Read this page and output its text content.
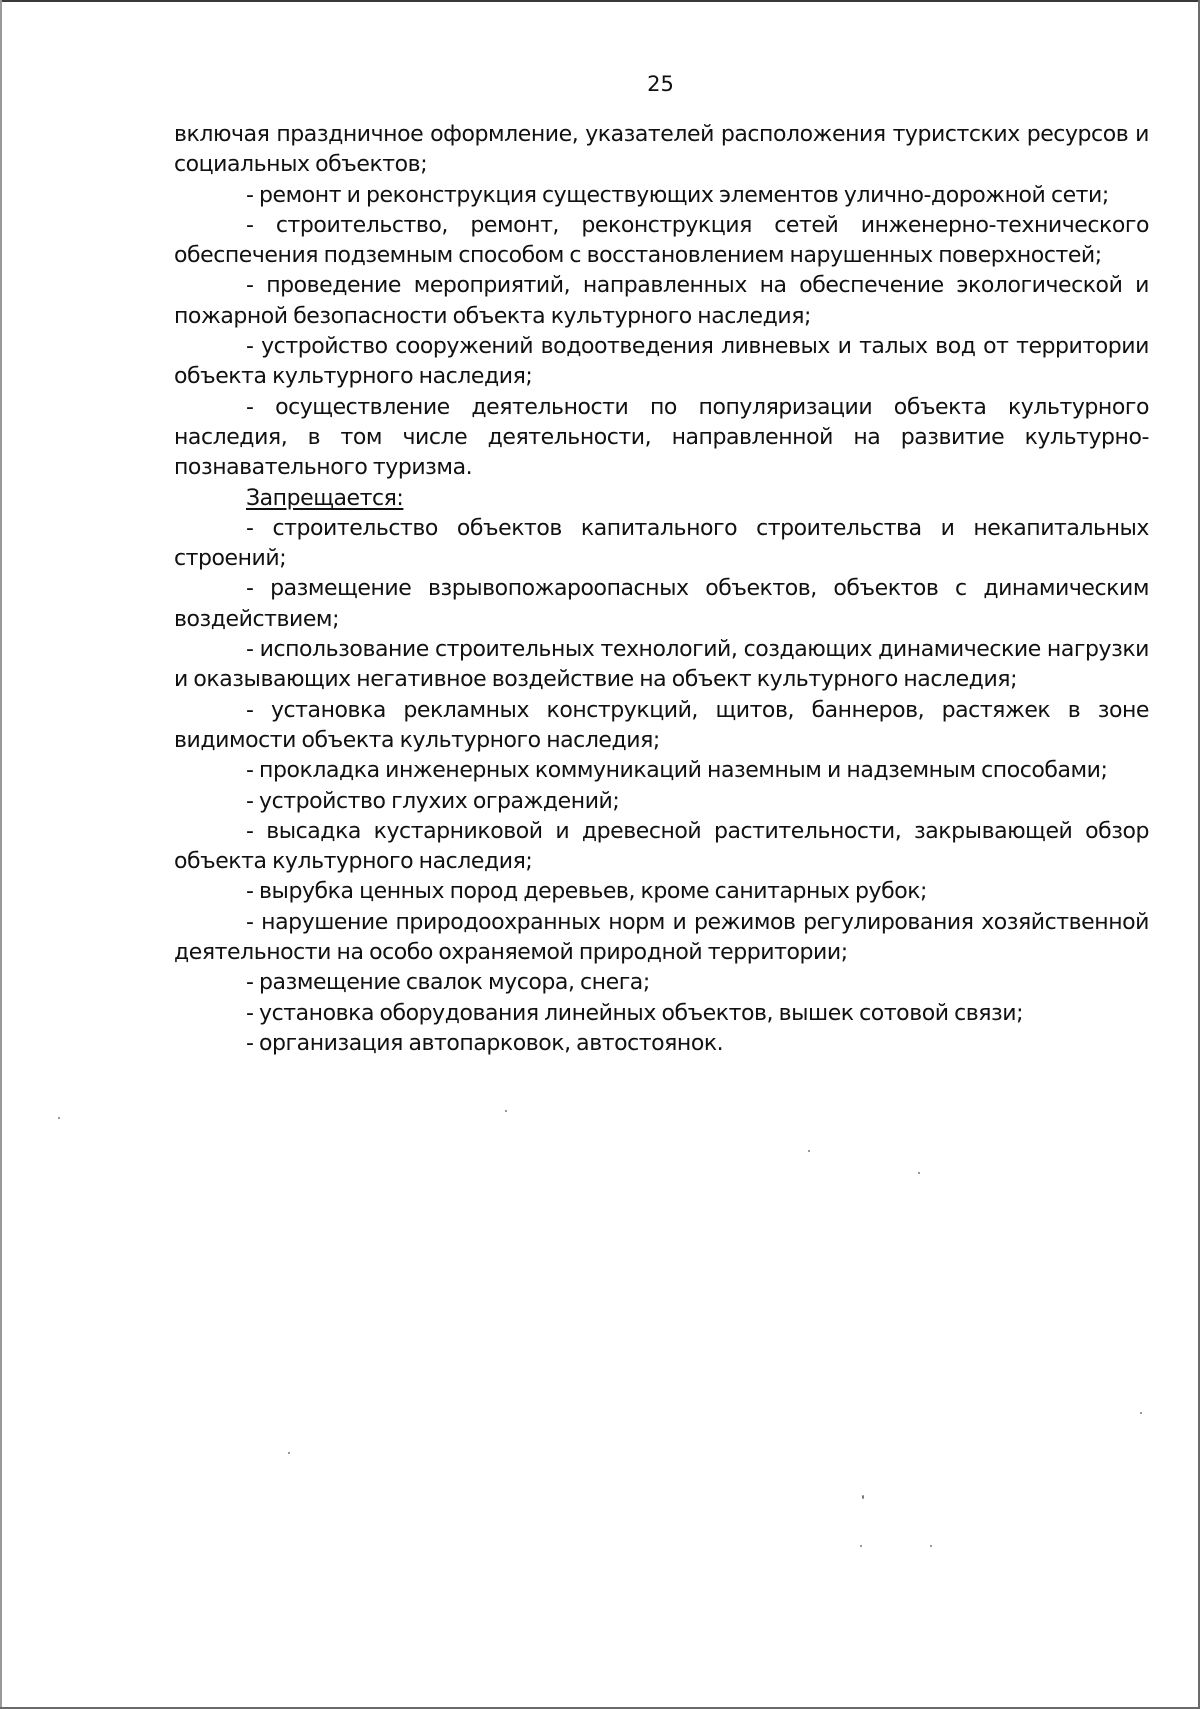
25

включая праздничное оформление, указателей расположения туристских ресурсов и социальных объектов;

- ремонт и реконструкция существующих элементов улично-дорожной сети;

- строительство, ремонт, реконструкция сетей инженерно-технического обеспечения подземным способом с восстановлением нарушенных поверхностей;

- проведение мероприятий, направленных на обеспечение экологической и пожарной безопасности объекта культурного наследия;

- устройство сооружений водоотведения ливневых и талых вод от территории объекта культурного наследия;

- осуществление деятельности по популяризации объекта культурного наследия, в том числе деятельности, направленной на развитие культурно-познавательного туризма.

Запрещается:

- строительство объектов капитального строительства и некапитальных строений;

- размещение взрывопожароопасных объектов, объектов с динамическим воздействием;

- использование строительных технологий, создающих динамические нагрузки и оказывающих негативное воздействие на объект культурного наследия;

- установка рекламных конструкций, щитов, баннеров, растяжек в зоне видимости объекта культурного наследия;

- прокладка инженерных коммуникаций наземным и надземным способами;

- устройство глухих ограждений;

- высадка кустарниковой и древесной растительности, закрывающей обзор объекта культурного наследия;

- вырубка ценных пород деревьев, кроме санитарных рубок;

- нарушение природоохранных норм и режимов регулирования хозяйственной деятельности на особо охраняемой природной территории;

- размещение свалок мусора, снега;

- установка оборудования линейных объектов, вышек сотовой связи;

- организация автопарковок, автостоянок.
